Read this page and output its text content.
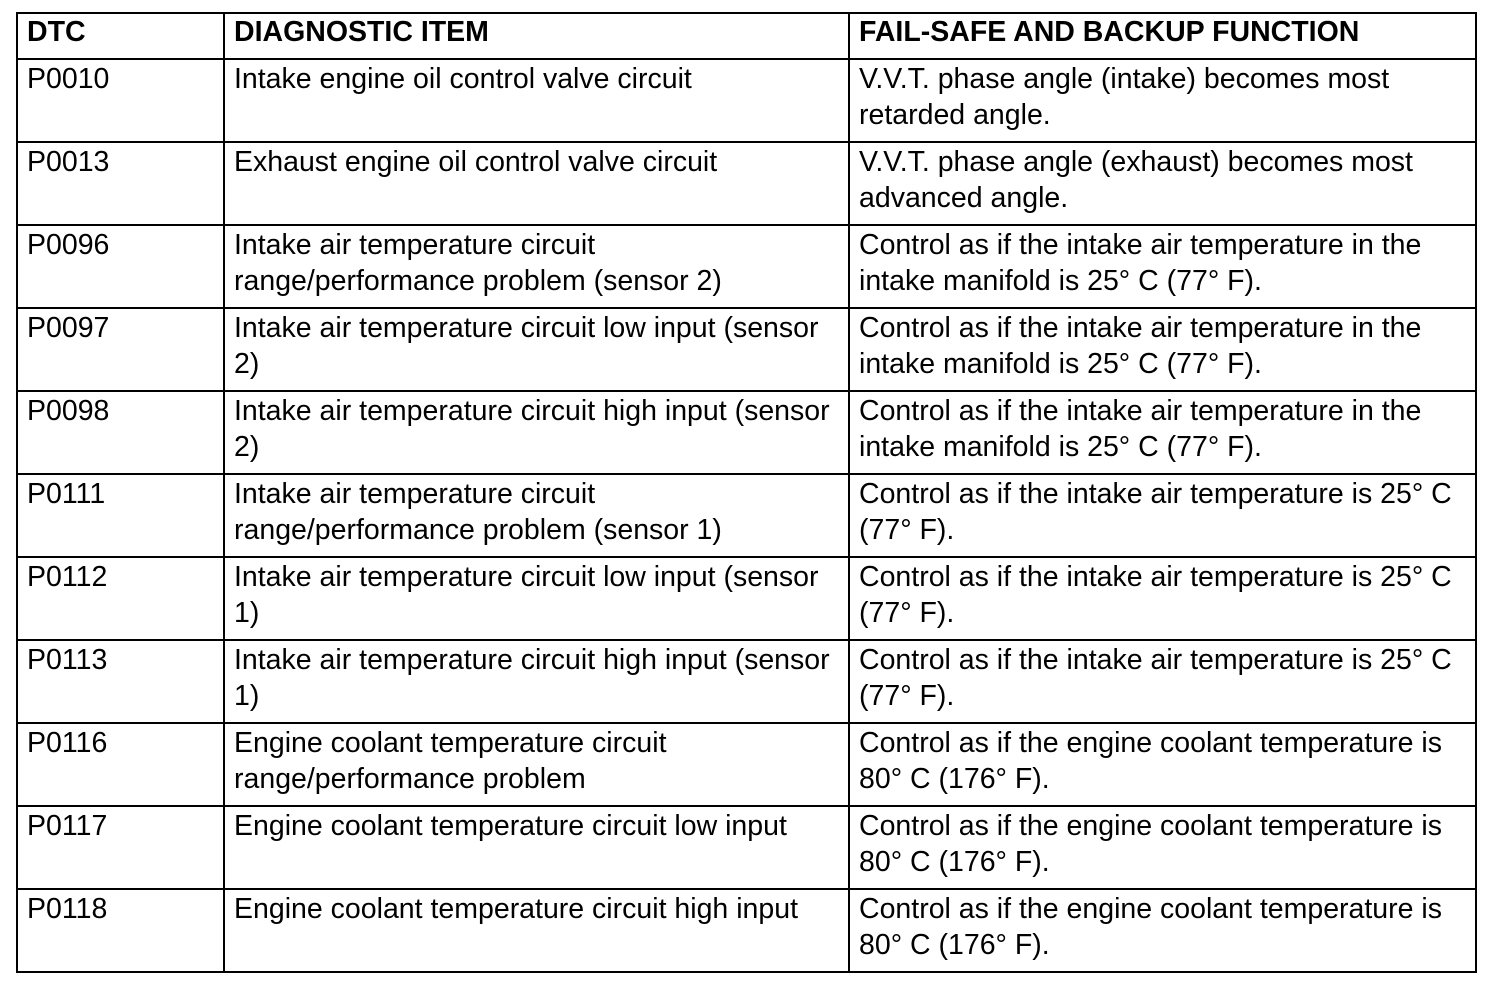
DTC	DIAGNOSTIC ITEM	FAIL-SAFE AND BACKUP FUNCTION
P0010	Intake engine oil control valve circuit	V.V.T. phase angle (intake) becomes most retarded angle.
P0013	Exhaust engine oil control valve circuit	V.V.T. phase angle (exhaust) becomes most advanced angle.
P0096	Intake air temperature circuit range/performance problem (sensor 2)	Control as if the intake air temperature in the intake manifold is 25° C (77° F).
P0097	Intake air temperature circuit low input (sensor 2)	Control as if the intake air temperature in the intake manifold is 25° C (77° F).
P0098	Intake air temperature circuit high input (sensor 2)	Control as if the intake air temperature in the intake manifold is 25° C (77° F).
P0111	Intake air temperature circuit range/performance problem (sensor 1)	Control as if the intake air temperature is 25° C (77° F).
P0112	Intake air temperature circuit low input (sensor 1)	Control as if the intake air temperature is 25° C (77° F).
P0113	Intake air temperature circuit high input (sensor 1)	Control as if the intake air temperature is 25° C (77° F).
P0116	Engine coolant temperature circuit range/performance problem	Control as if the engine coolant temperature is 80° C (176° F).
P0117	Engine coolant temperature circuit low input	Control as if the engine coolant temperature is 80° C (176° F).
P0118	Engine coolant temperature circuit high input	Control as if the engine coolant temperature is 80° C (176° F).
